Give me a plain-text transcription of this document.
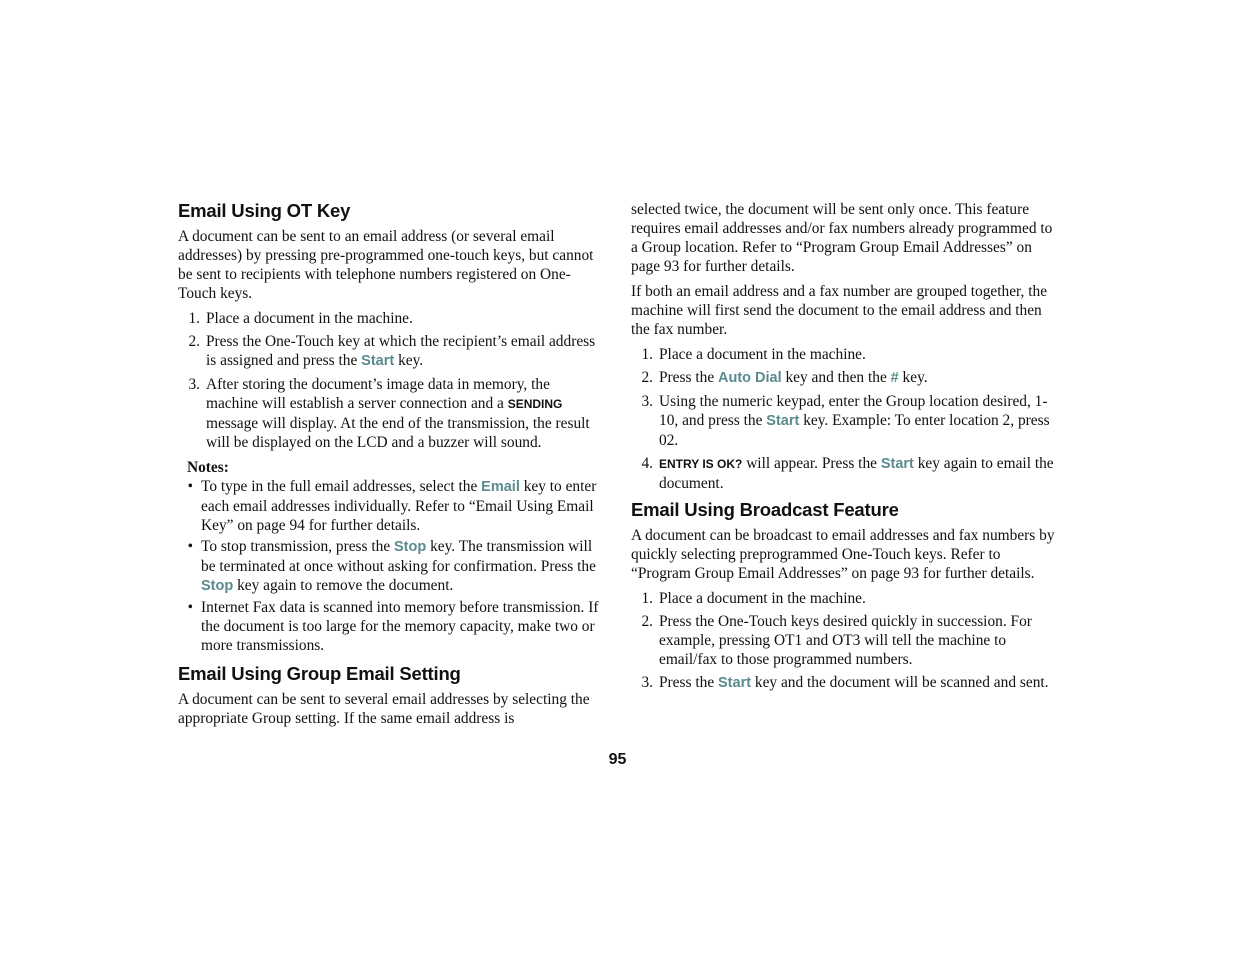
Email Using OT Key

A document can be sent to an email address (or several email addresses) by pressing pre-programmed one-touch keys, but cannot be sent to recipients with telephone numbers registered on One-Touch keys.

1. Place a document in the machine.
2. Press the One-Touch key at which the recipient’s email address is assigned and press the Start key.
3. After storing the document’s image data in memory, the machine will establish a server connection and a SENDING message will display. At the end of the transmission, the result will be displayed on the LCD and a buzzer will sound.
Notes:
• To type in the full email addresses, select the Email key to enter each email addresses individually. Refer to “Email Using Email Key” on page 94 for further details.
• To stop transmission, press the Stop key. The transmission will be terminated at once without asking for confirmation. Press the Stop key again to remove the document.
• Internet Fax data is scanned into memory before transmission. If the document is too large for the memory capacity, make two or more transmissions.
Email Using Group Email Setting

A document can be sent to several email addresses by selecting the appropriate Group setting. If the same email address is

selected twice, the document will be sent only once. This feature requires email addresses and/or fax numbers already programmed to a Group location. Refer to “Program Group Email Addresses” on page 93 for further details.

If both an email address and a fax number are grouped together, the machine will first send the document to the email address and then the fax number.

1. Place a document in the machine.
2. Press the Auto Dial key and then the # key.
3. Using the numeric keypad, enter the Group location desired, 1-10, and press the Start key. Example: To enter location 2, press 02.
4. ENTRY IS OK? will appear. Press the Start key again to email the document.
Email Using Broadcast Feature

A document can be broadcast to email addresses and fax numbers by quickly selecting preprogrammed One-Touch keys. Refer to “Program Group Email Addresses” on page 93 for further details.

1. Place a document in the machine.
2. Press the One-Touch keys desired quickly in succession. For example, pressing OT1 and OT3 will tell the machine to email/fax to those programmed numbers.
3. Press the Start key and the document will be scanned and sent.
95
